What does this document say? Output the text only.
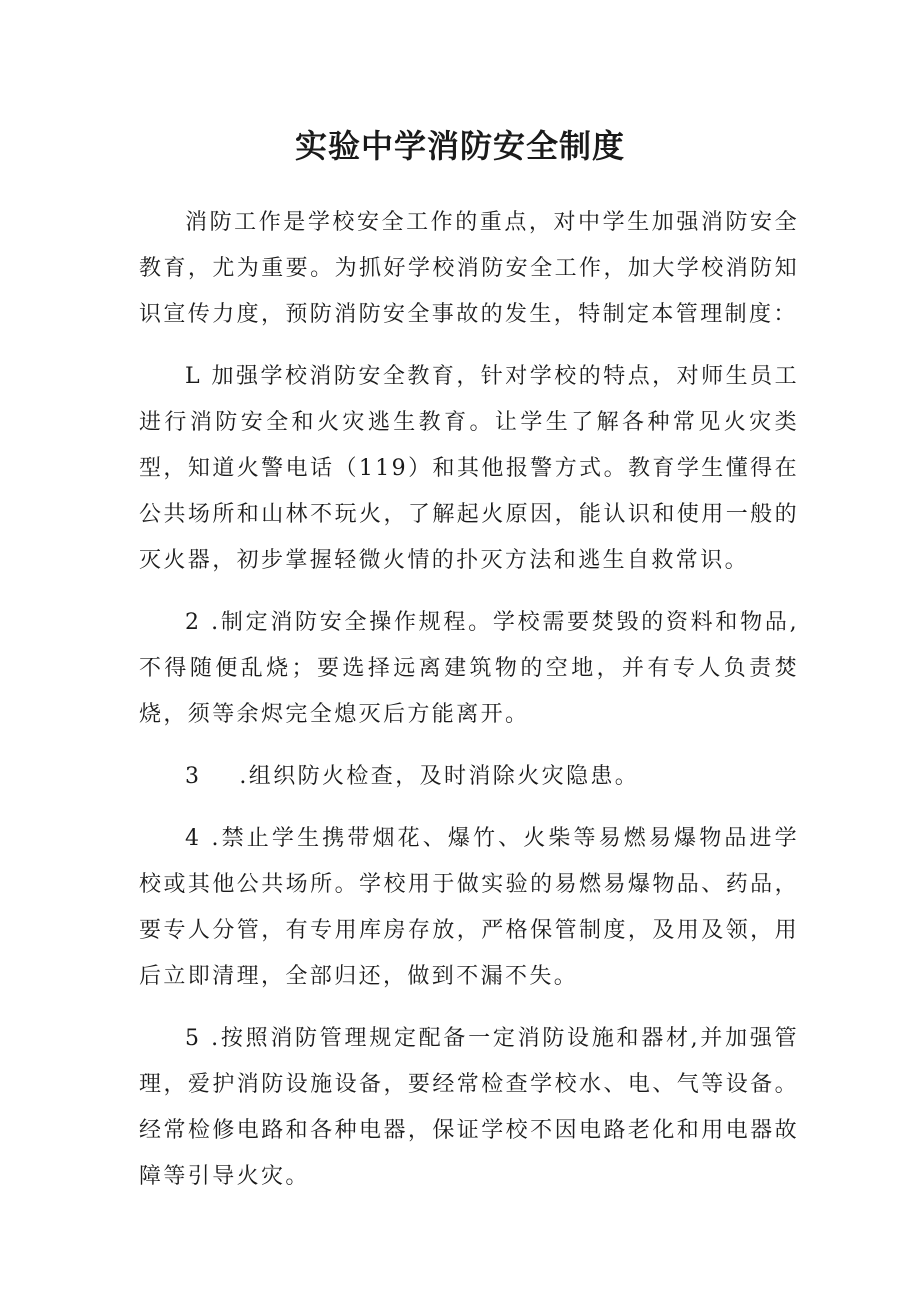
实验中学消防安全制度

消防工作是学校安全工作的重点，对中学生加强消防安全教育，尤为重要。为抓好学校消防安全工作，加大学校消防知识宣传力度，预防消防安全事故的发生，特制定本管理制度：

L 加强学校消防安全教育，针对学校的特点，对师生员工进行消防安全和火灾逃生教育。让学生了解各种常见火灾类型，知道火警电话（119）和其他报警方式。教育学生懂得在公共场所和山林不玩火，了解起火原因，能认识和使用一般的灭火器，初步掌握轻微火情的扑灭方法和逃生自救常识。

2 .制定消防安全操作规程。学校需要焚毁的资料和物品,不得随便乱烧；要选择远离建筑物的空地，并有专人负责焚烧，须等余烬完全熄灭后方能离开。

3 .组织防火检查，及时消除火灾隐患。

4 .禁止学生携带烟花、爆竹、火柴等易燃易爆物品进学校或其他公共场所。学校用于做实验的易燃易爆物品、药品，要专人分管，有专用库房存放，严格保管制度，及用及领，用后立即清理，全部归还，做到不漏不失。

5 .按照消防管理规定配备一定消防设施和器材,并加强管理，爱护消防设施设备，要经常检查学校水、电、气等设备。经常检修电路和各种电器，保证学校不因电路老化和用电器故障等引导火灾。
